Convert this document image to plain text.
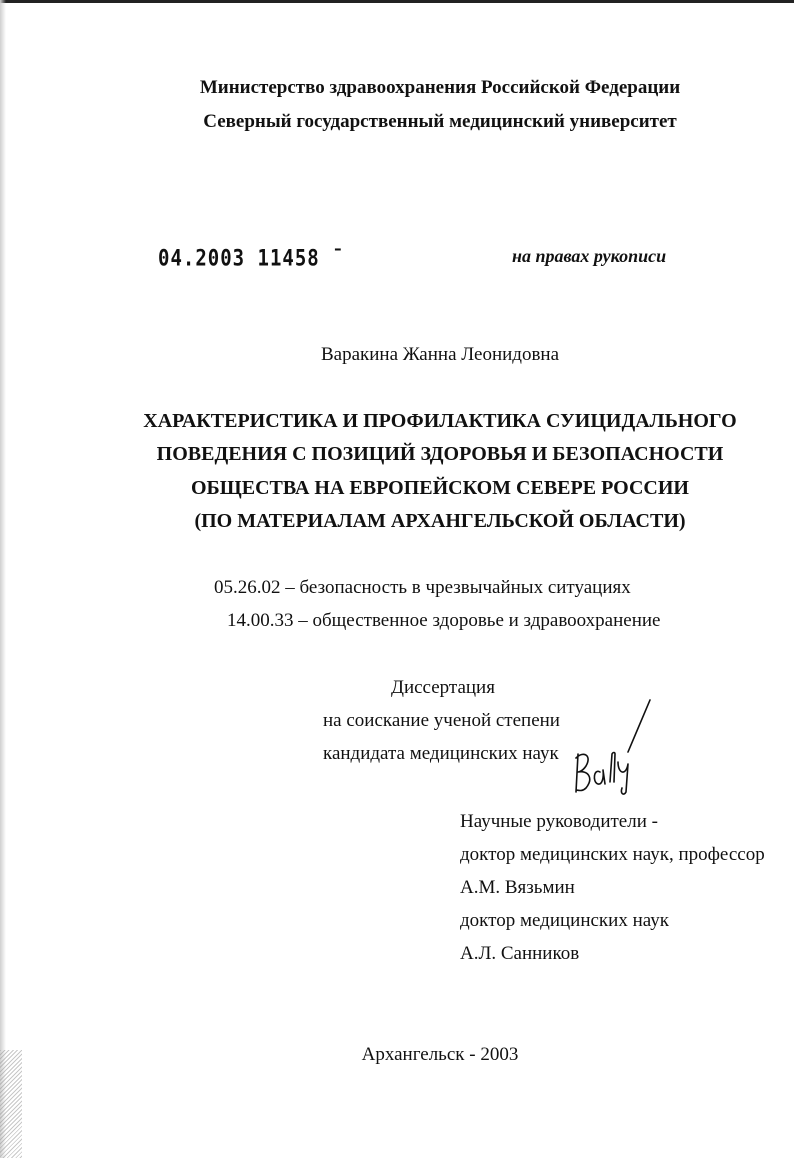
Министерство здравоохранения Российской Федерации
Северный государственный медицинский университет
04.2003 11458 ˉ	на правах рукописи
Варакина Жанна Леонидовна
ХАРАКТЕРИСТИКА И ПРОФИЛАКТИКА СУИЦИДАЛЬНОГО
ПОВЕДЕНИЯ С ПОЗИЦИЙ ЗДОРОВЬЯ И БЕЗОПАСНОСТИ
ОБЩЕСТВА НА ЕВРОПЕЙСКОМ СЕВЕРЕ РОССИИ
(ПО МАТЕРИАЛАМ АРХАНГЕЛЬСКОЙ ОБЛАСТИ)
05.26.02 – безопасность в чрезвычайных ситуациях
14.00.33 – общественное здоровье и здравоохранение
Диссертация
на соискание ученой степени
кандидата медицинских наук
Научные руководители -
доктор медицинских наук, профессор
А.М. Вязьмин
доктор медицинских наук
А.Л. Санников
Архангельск - 2003
